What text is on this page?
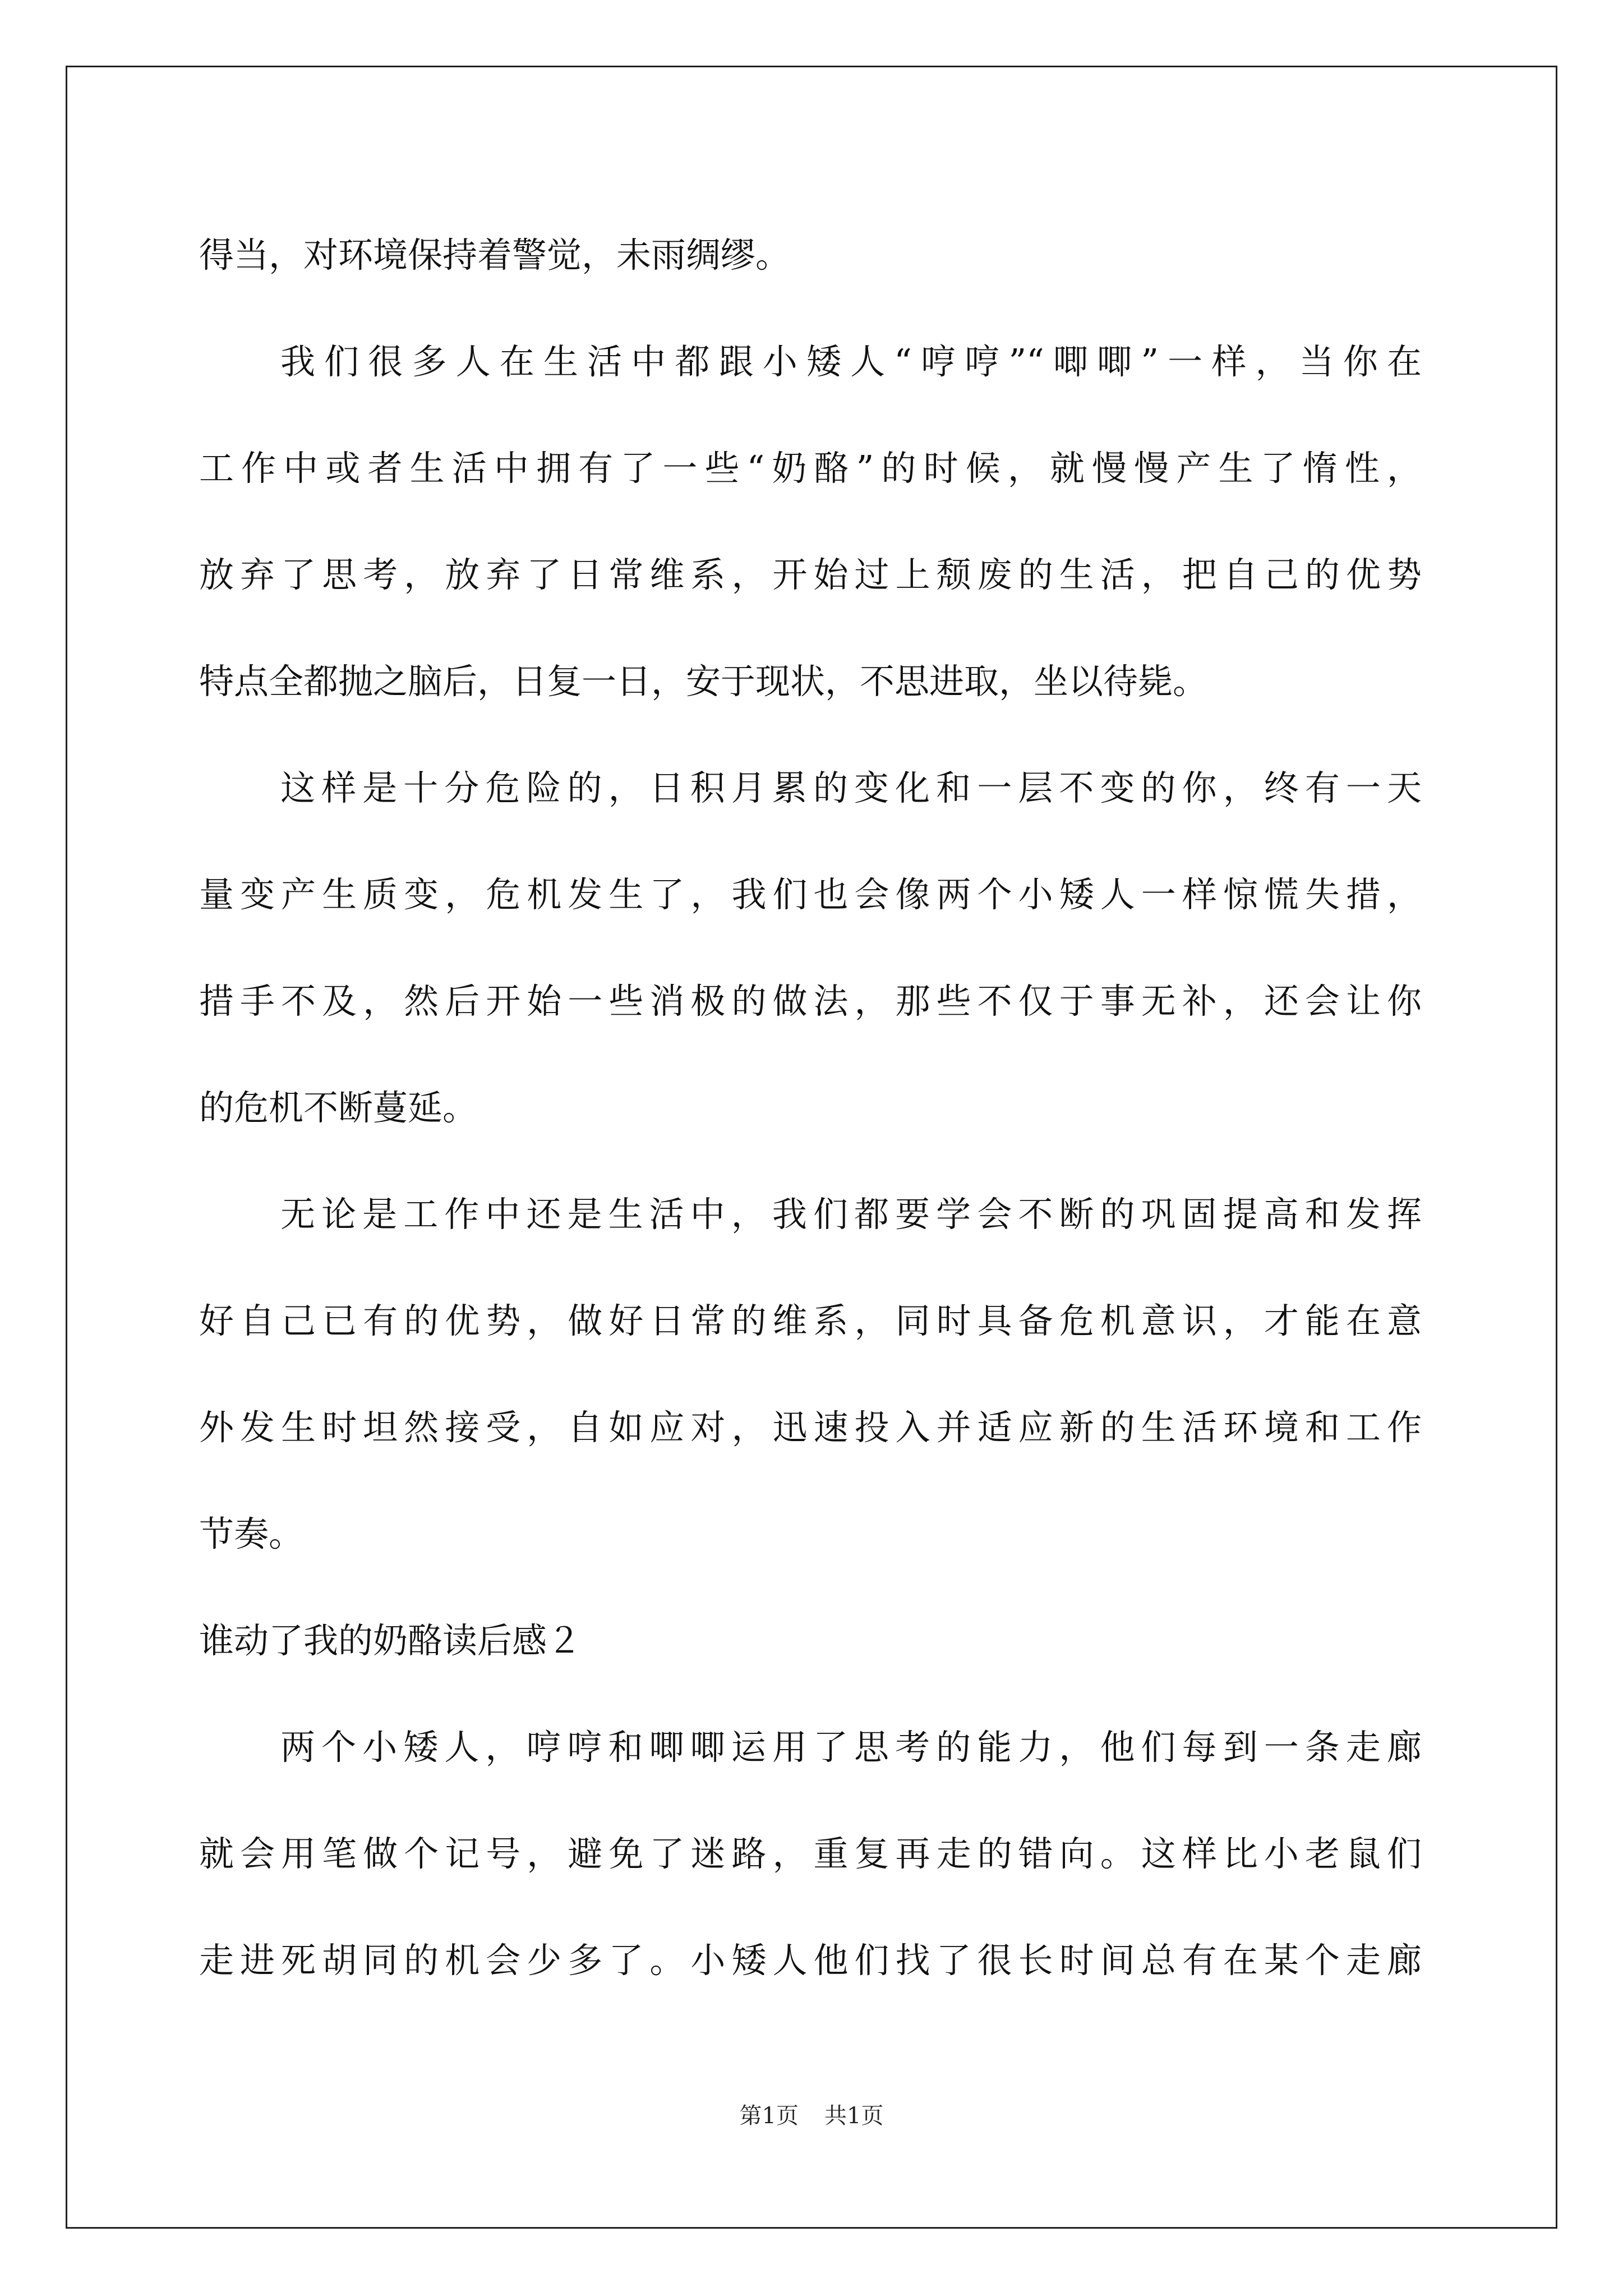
得当，对环境保持着警觉，未雨绸缪。
我们很多人在生活中都跟小矮人“哼哼”“唧唧”一样，当你在
工作中或者生活中拥有了一些“奶酪”的时候，就慢慢产生了惰性，
放弃了思考，放弃了日常维系，开始过上颓废的生活，把自己的优势
特点全都抛之脑后，日复一日，安于现状，不思进取，坐以待毙。
这样是十分危险的，日积月累的变化和一层不变的你，终有一天
量变产生质变，危机发生了，我们也会像两个小矮人一样惊慌失措，
措手不及，然后开始一些消极的做法，那些不仅于事无补，还会让你
的危机不断蔓延。
无论是工作中还是生活中，我们都要学会不断的巩固提高和发挥
好自己已有的优势，做好日常的维系，同时具备危机意识，才能在意
外发生时坦然接受，自如应对，迅速投入并适应新的生活环境和工作
节奏。
谁动了我的奶酪读后感２
两个小矮人，哼哼和唧唧运用了思考的能力，他们每到一条走廊
就会用笔做个记号，避免了迷路，重复再走的错向。这样比小老鼠们
走进死胡同的机会少多了。小矮人他们找了很长时间总有在某个走廊
第1页 共1页
